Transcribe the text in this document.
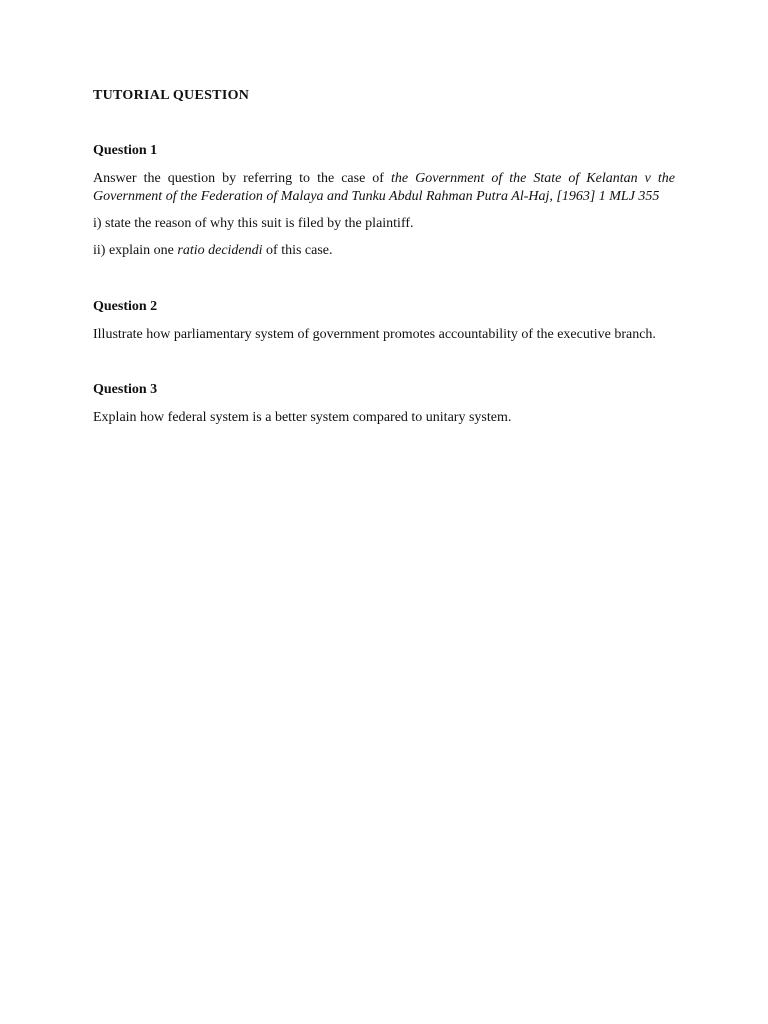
TUTORIAL QUESTION

Question 1

Answer the question by referring to the case of the Government of the State of Kelantan v the Government of the Federation of Malaya and Tunku Abdul Rahman Putra Al-Haj, [1963] 1 MLJ 355

i) state the reason of why this suit is filed by the plaintiff.

ii) explain one ratio decidendi of this case.

Question 2

Illustrate how parliamentary system of government promotes accountability of the executive branch.

Question 3

Explain how federal system is a better system compared to unitary system.
